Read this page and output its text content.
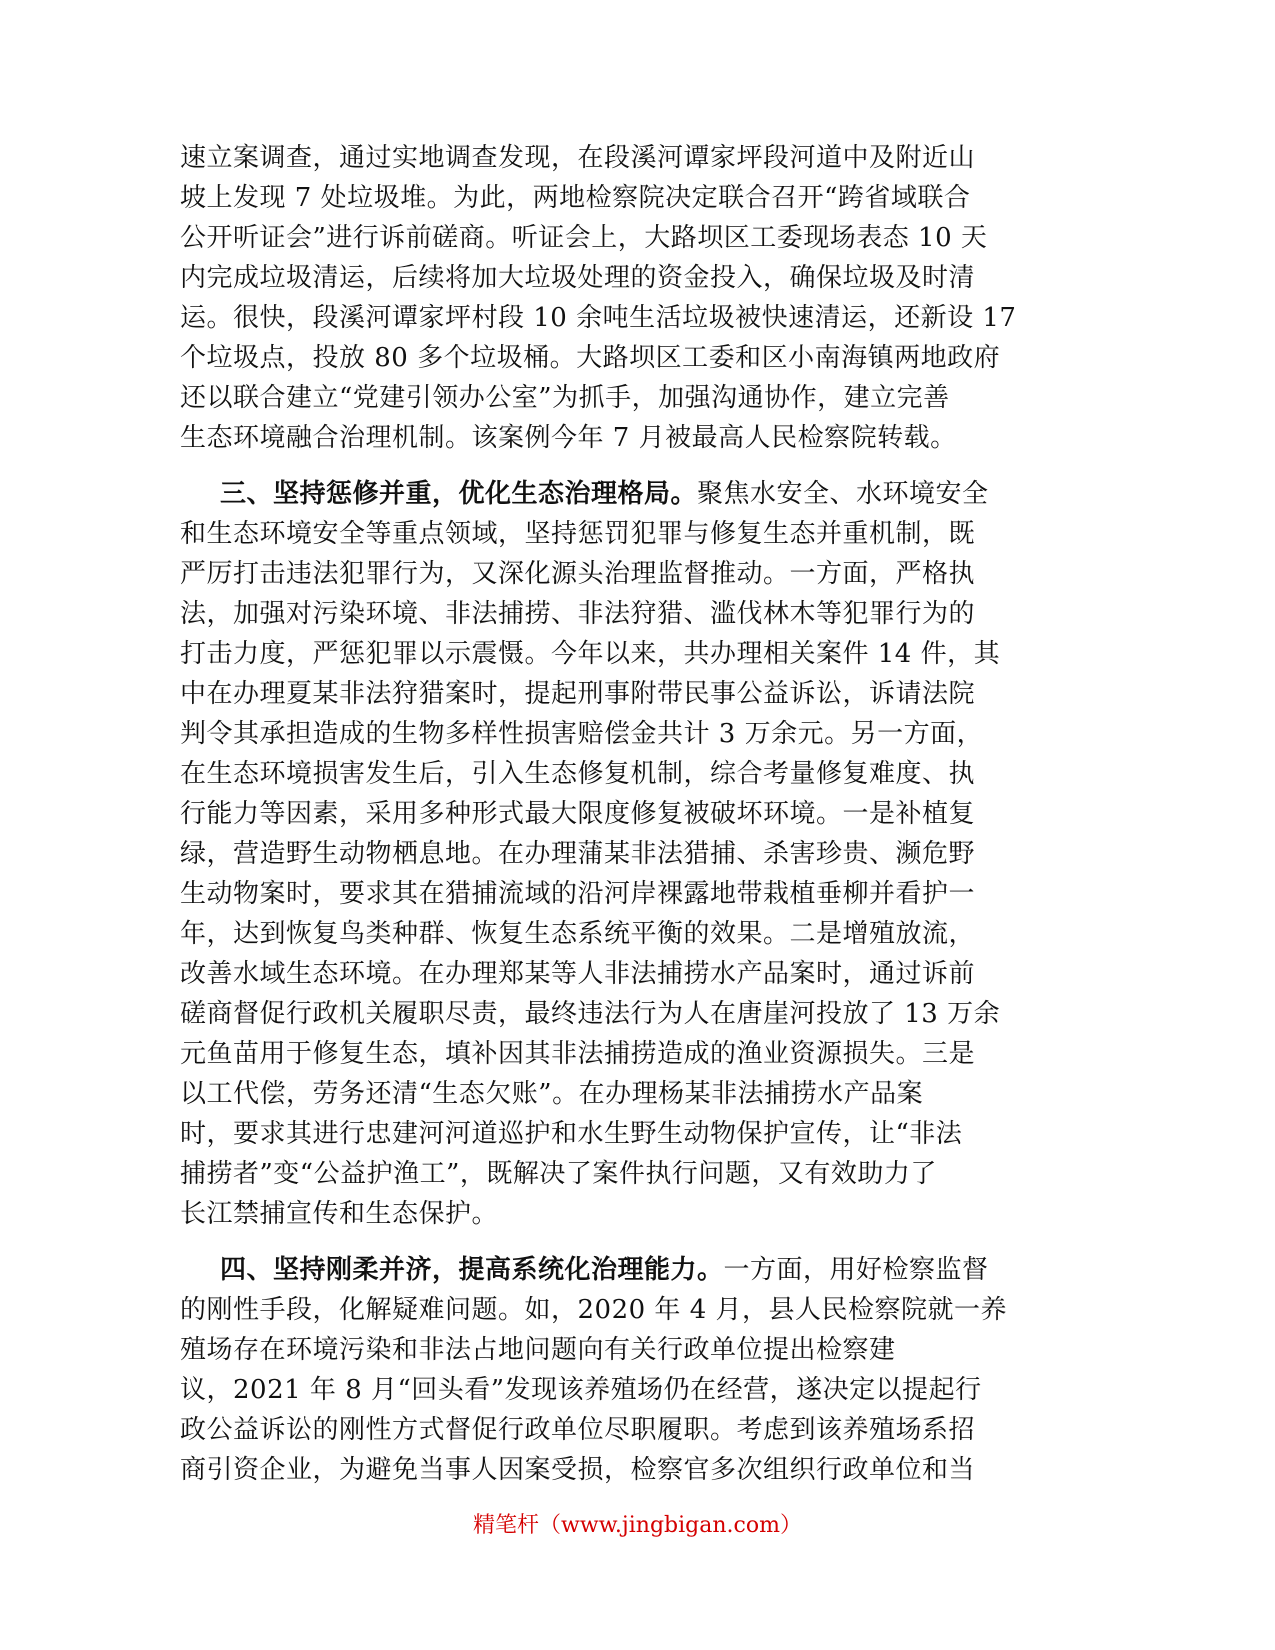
速立案调查，通过实地调查发现，在段溪河谭家坪段河道中及附近山
坡上发现 7 处垃圾堆。为此，两地检察院决定联合召开“跨省域联合
公开听证会”进行诉前磋商。听证会上，大路坝区工委现场表态 10 天
内完成垃圾清运，后续将加大垃圾处理的资金投入，确保垃圾及时清
运。很快，段溪河谭家坪村段 10 余吨生活垃圾被快速清运，还新设 17
个垃圾点，投放 80 多个垃圾桶。大路坝区工委和区小南海镇两地政府
还以联合建立“党建引领办公室”为抓手，加强沟通协作，建立完善
生态环境融合治理机制。该案例今年 7 月被最高人民检察院转载。
三、坚持惩修并重，优化生态治理格局。聚焦水安全、水环境安全
和生态环境安全等重点领域，坚持惩罚犯罪与修复生态并重机制，既
严厉打击违法犯罪行为，又深化源头治理监督推动。一方面，严格执
法，加强对污染环境、非法捕捞、非法狩猎、滥伐林木等犯罪行为的
打击力度，严惩犯罪以示震慑。今年以来，共办理相关案件 14 件，其
中在办理夏某非法狩猎案时，提起刑事附带民事公益诉讼，诉请法院
判令其承担造成的生物多样性损害赔偿金共计 3 万余元。另一方面，
在生态环境损害发生后，引入生态修复机制，综合考量修复难度、执
行能力等因素，采用多种形式最大限度修复被破坏环境。一是补植复
绿，营造野生动物栖息地。在办理蒲某非法猎捕、杀害珍贵、濒危野
生动物案时，要求其在猎捕流域的沿河岸裸露地带栽植垂柳并看护一
年，达到恢复鸟类种群、恢复生态系统平衡的效果。二是增殖放流，
改善水域生态环境。在办理郑某等人非法捕捞水产品案时，通过诉前
磋商督促行政机关履职尽责，最终违法行为人在唐崖河投放了 13 万余
元鱼苗用于修复生态，填补因其非法捕捞造成的渔业资源损失。三是
以工代偿，劳务还清“生态欠账”。在办理杨某非法捕捞水产品案
时，要求其进行忠建河河道巡护和水生野生动物保护宣传，让“非法
捕捞者”变“公益护渔工”，既解决了案件执行问题，又有效助力了
长江禁捕宣传和生态保护。
四、坚持刚柔并济，提高系统化治理能力。一方面，用好检察监督
的刚性手段，化解疑难问题。如，2020 年 4 月，县人民检察院就一养
殖场存在环境污染和非法占地问题向有关行政单位提出检察建
议，2021 年 8 月“回头看”发现该养殖场仍在经营，遂决定以提起行
政公益诉讼的刚性方式督促行政单位尽职履职。考虑到该养殖场系招
商引资企业，为避免当事人因案受损，检察官多次组织行政单位和当
精笔杆（www.jingbigan.com）
